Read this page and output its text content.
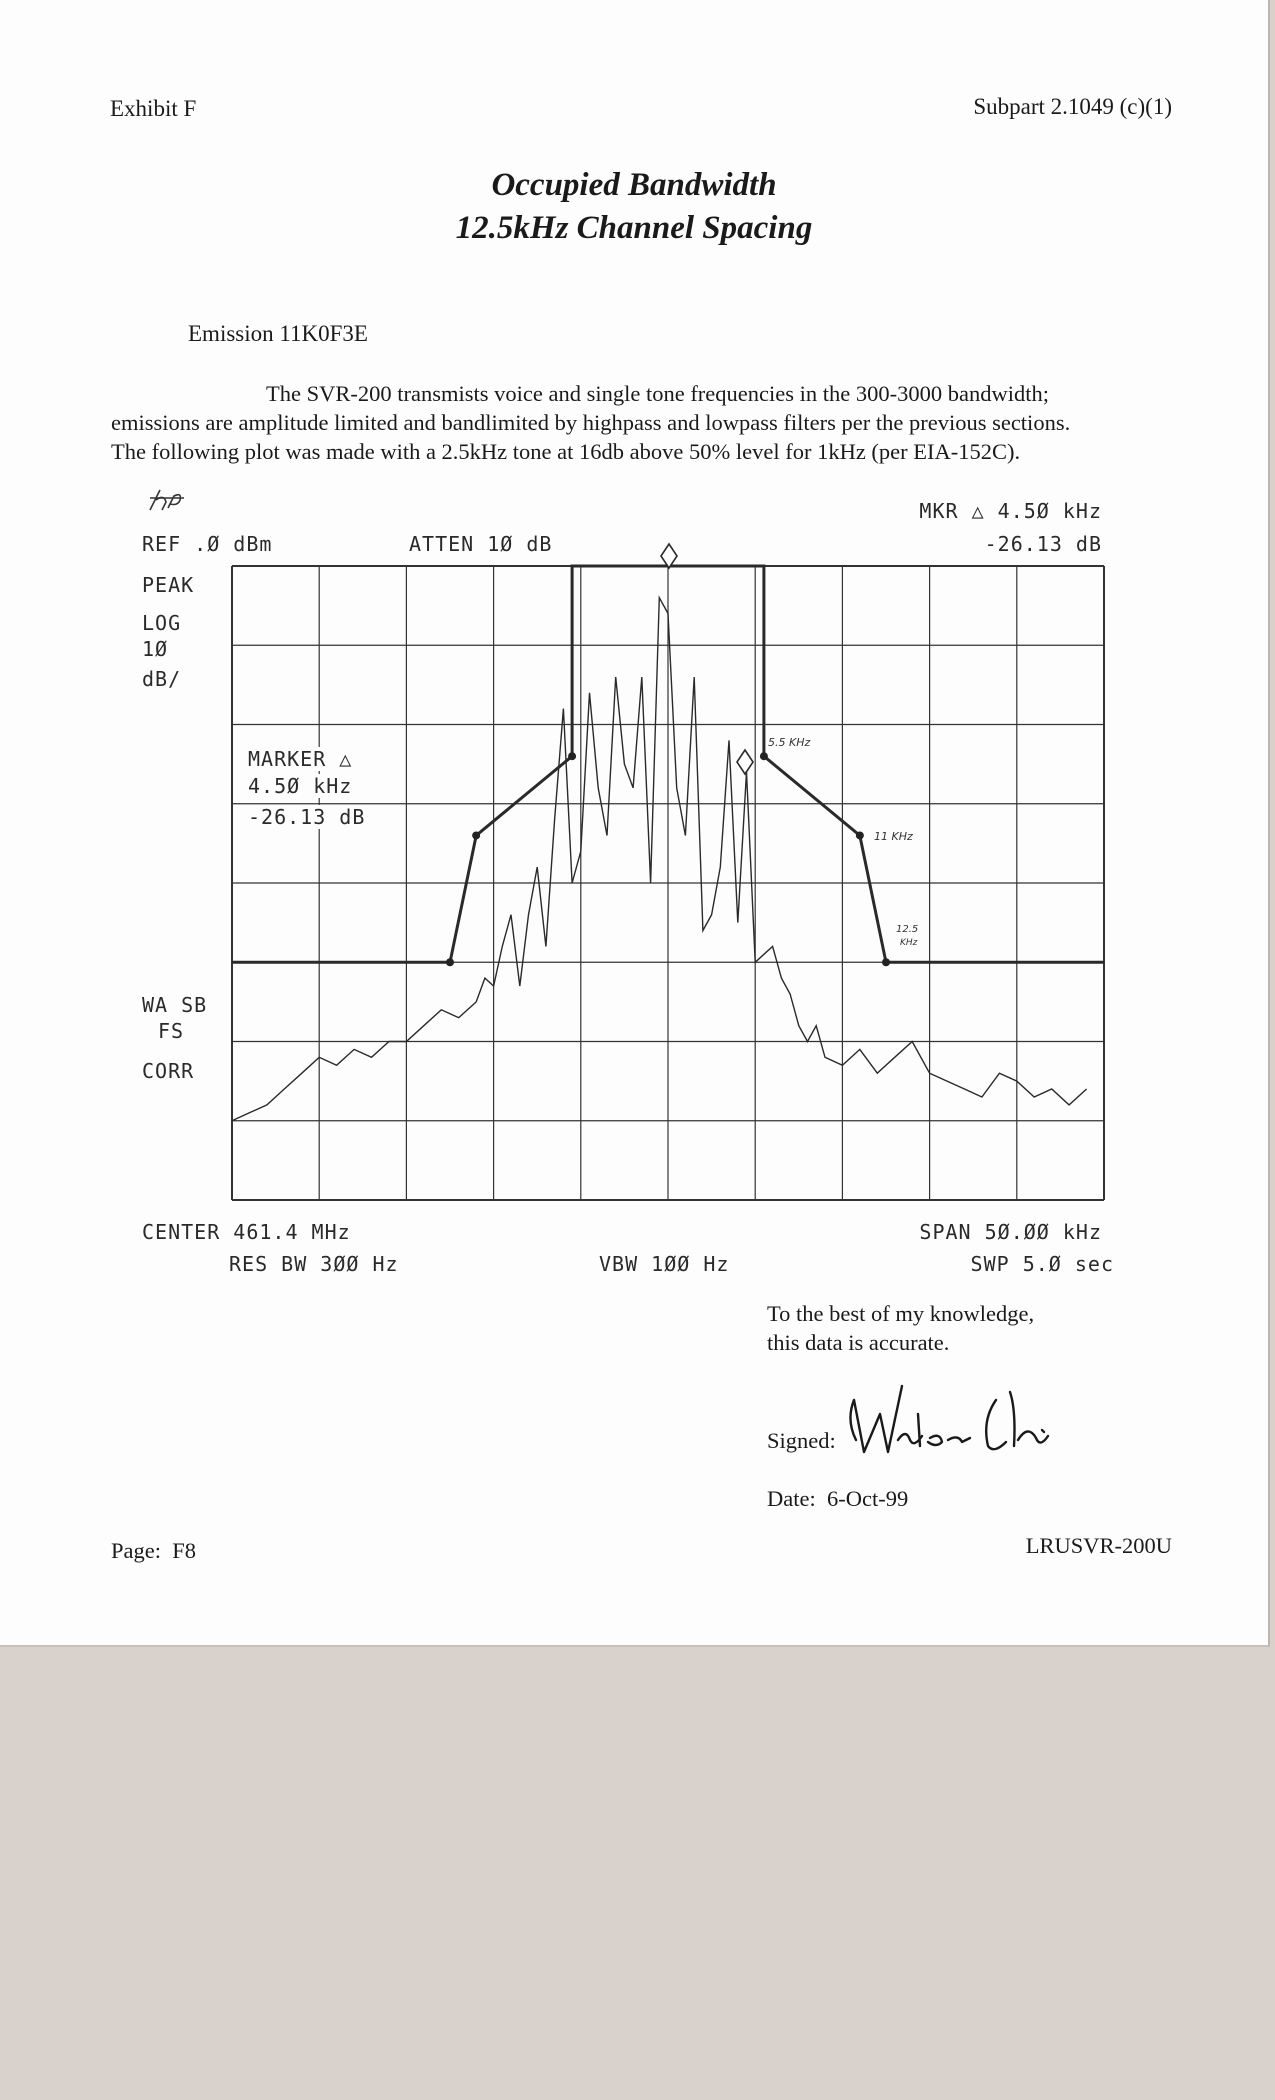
Exhibit F	Subpart 2.1049 (c)(1)
Occupied Bandwidth
12.5kHz Channel Spacing
Emission 11K0F3E
The SVR-200 transmists voice and single tone frequencies in the 300-3000 bandwidth;
emissions are amplitude limited and bandlimited by highpass and lowpass filters per the previous sections.
The following plot was made with a 2.5kHz tone at 16db above 50% level for 1kHz (per EIA-152C).
REF .Ø dBm	ATTEN 1Ø dB
MKR △ 4.5Ø kHz
-26.13 dB
PEAK
LOG
1Ø
dB/
MARKER △
4.5Ø kHz
-26.13 dB
WA SB
FS
CORR
CENTER 461.4 MHz	SPAN 5Ø.ØØ kHz
RES BW 3ØØ Hz	VBW 1ØØ Hz	SWP 5.Ø sec
5.5 KHz
11 KHz
12.5
KHz
To the best of my knowledge,
this data is accurate.
Signed:
Date:  6-Oct-99
Page:  F8	LRUSVR-200U
